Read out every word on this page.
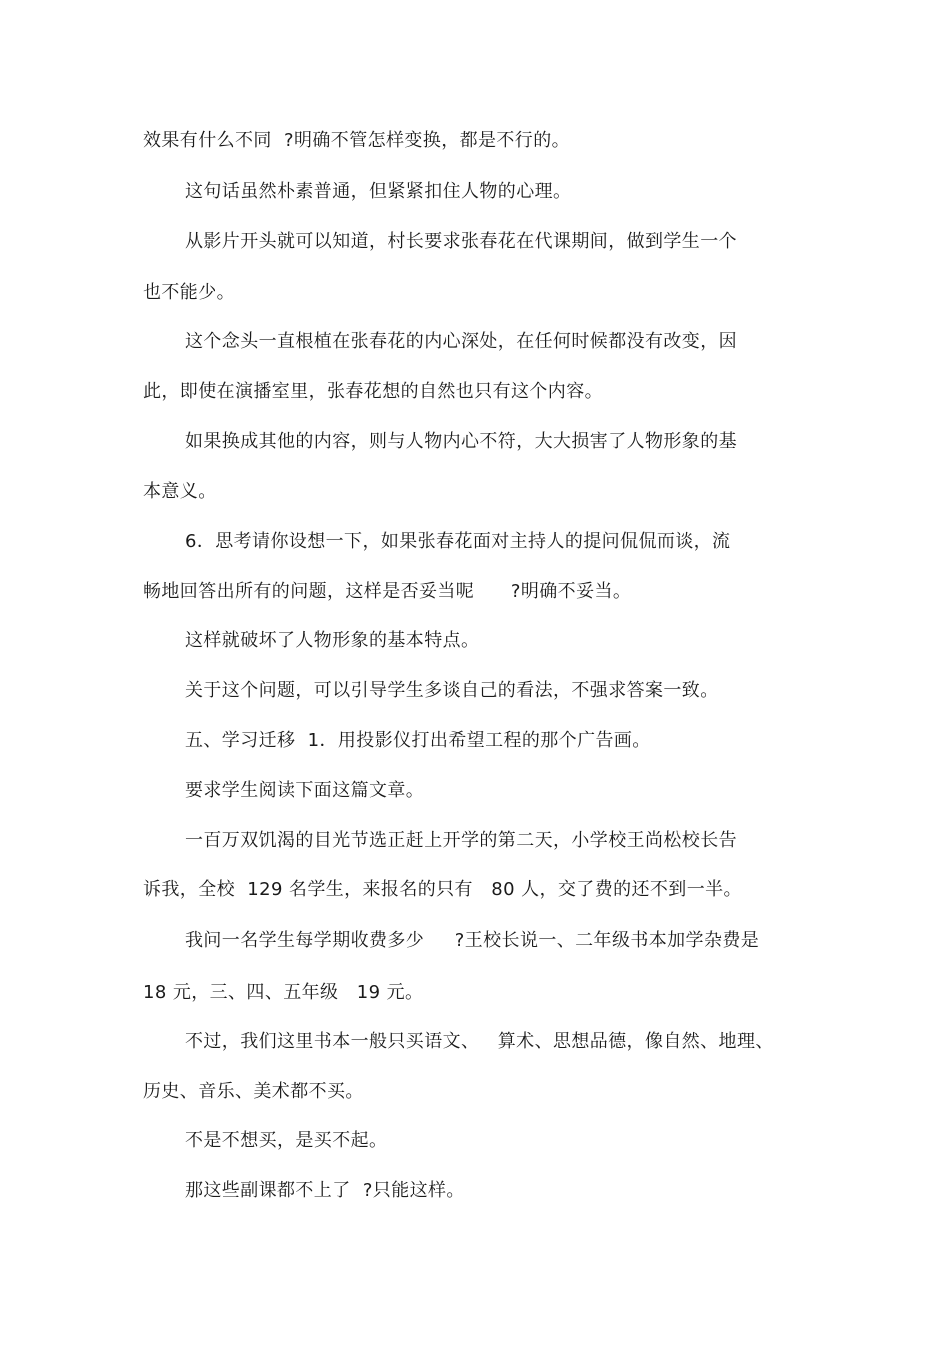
效果有什么不同  ?明确不管怎样变换，都是不行的。
这句话虽然朴素普通，但紧紧扣住人物的心理。
从影片开头就可以知道，村长要求张春花在代课期间，做到学生一个
也不能少。
这个念头一直根植在张春花的内心深处，在任何时候都没有改变，因
此，即使在演播室里，张春花想的自然也只有这个内容。
如果换成其他的内容，则与人物内心不符，大大损害了人物形象的基
本意义。
6．思考请你设想一下，如果张春花面对主持人的提问侃侃而谈，流
畅地回答出所有的问题，这样是否妥当呢      ?明确不妥当。
这样就破坏了人物形象的基本特点。
关于这个问题，可以引导学生多谈自己的看法，不强求答案一致。
五、学习迁移  1．用投影仪打出希望工程的那个广告画。
要求学生阅读下面这篇文章。
一百万双饥渴的目光节选正赶上开学的第二天，小学校王尚松校长告
诉我，全校  129 名学生，来报名的只有   80 人，交了费的还不到一半。
我问一名学生每学期收费多少     ?王校长说一、二年级书本加学杂费是
18 元，三、四、五年级   19 元。
不过，我们这里书本一般只买语文、   算术、思想品德，像自然、地理、
历史、音乐、美术都不买。
不是不想买，是买不起。
那这些副课都不上了  ?只能这样。
